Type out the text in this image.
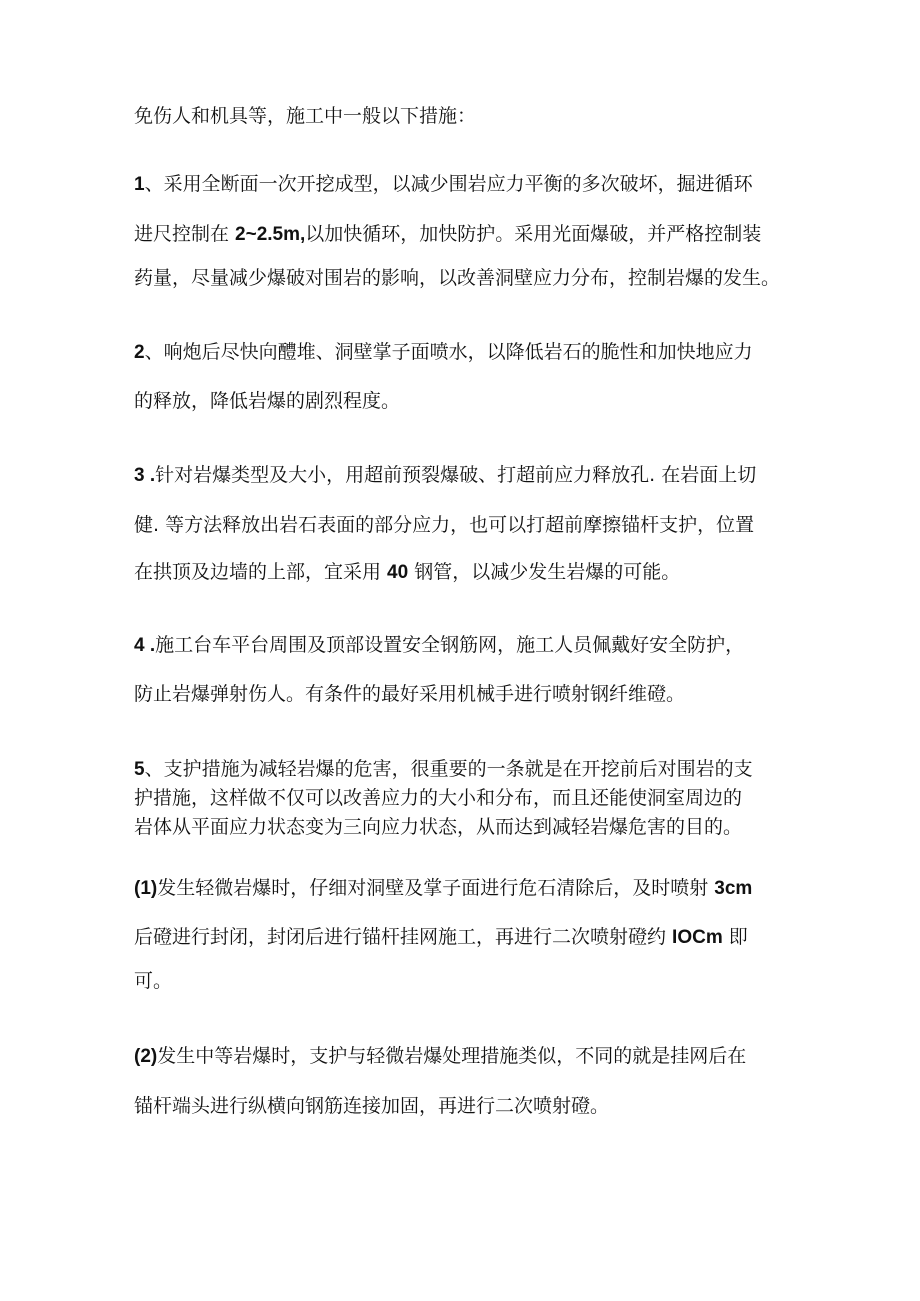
免伤人和机具等，施工中一般以下措施：
1、采用全断面一次开挖成型，以减少围岩应力平衡的多次破坏，掘进循环
进尺控制在 2~2.5m,以加快循环，加快防护。采用光面爆破，并严格控制装
药量，尽量减少爆破对围岩的影响，以改善洞壁应力分布，控制岩爆的发生。
2、响炮后尽快向醴堆、洞壁掌子面喷水，以降低岩石的脆性和加快地应力
的释放，降低岩爆的剧烈程度。
3 .针对岩爆类型及大小，用超前预裂爆破、打超前应力释放孔. 在岩面上切
健. 等方法释放出岩石表面的部分应力，也可以打超前摩擦锚杆支护，位置
在拱顶及边墙的上部，宜采用 40 钢管，以减少发生岩爆的可能。
4 .施工台车平台周围及顶部设置安全钢筋网，施工人员佩戴好安全防护，
防止岩爆弹射伤人。有条件的最好采用机械手进行喷射钢纤维磴。
5、支护措施为减轻岩爆的危害，很重要的一条就是在开挖前后对围岩的支
护措施，这样做不仅可以改善应力的大小和分布，而且还能使洞室周边的
岩体从平面应力状态变为三向应力状态，从而达到减轻岩爆危害的目的。
(1)发生轻微岩爆时，仔细对洞壁及掌子面进行危石清除后，及时喷射 3cm
后磴进行封闭，封闭后进行锚杆挂网施工，再进行二次喷射磴约 IOCm 即
可。
(2)发生中等岩爆时，支护与轻微岩爆处理措施类似，不同的就是挂网后在
锚杆端头进行纵横向钢筋连接加固，再进行二次喷射磴。
